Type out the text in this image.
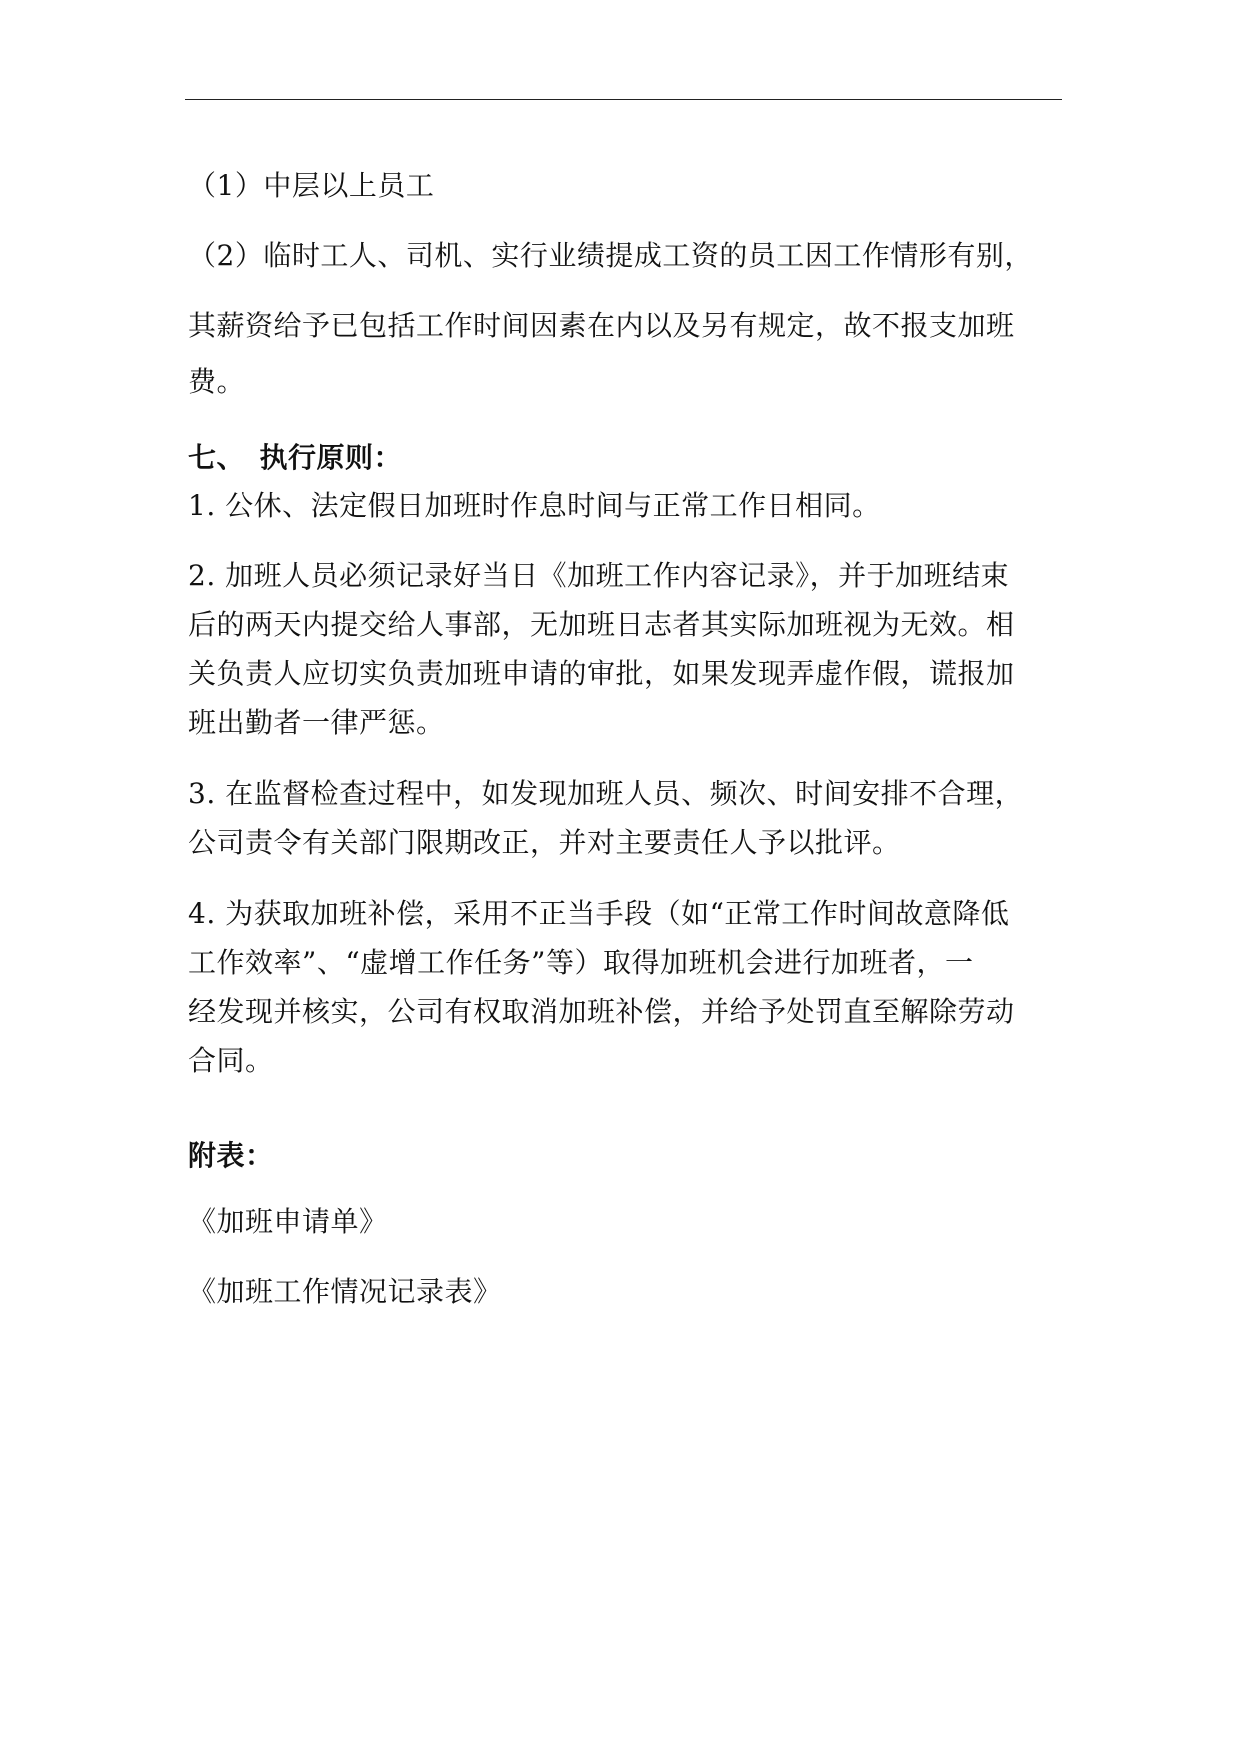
（1）中层以上员工
（2）临时工人、司机、实行业绩提成工资的员工因工作情形有别，
其薪资给予已包括工作时间因素在内以及另有规定，故不报支加班
费。
七、　执行原则：
1. 公休、法定假日加班时作息时间与正常工作日相同。
2. 加班人员必须记录好当日《加班工作内容记录》，并于加班结束
后的两天内提交给人事部，无加班日志者其实际加班视为无效。相
关负责人应切实负责加班申请的审批，如果发现弄虚作假，谎报加
班出勤者一律严惩。
3. 在监督检查过程中，如发现加班人员、频次、时间安排不合理，
公司责令有关部门限期改正，并对主要责任人予以批评。
4. 为获取加班补偿，采用不正当手段（如“正常工作时间故意降低
工作效率”、“虚增工作任务”等）取得加班机会进行加班者，一
经发现并核实，公司有权取消加班补偿，并给予处罚直至解除劳动
合同。
附表：
《加班申请单》
《加班工作情况记录表》
